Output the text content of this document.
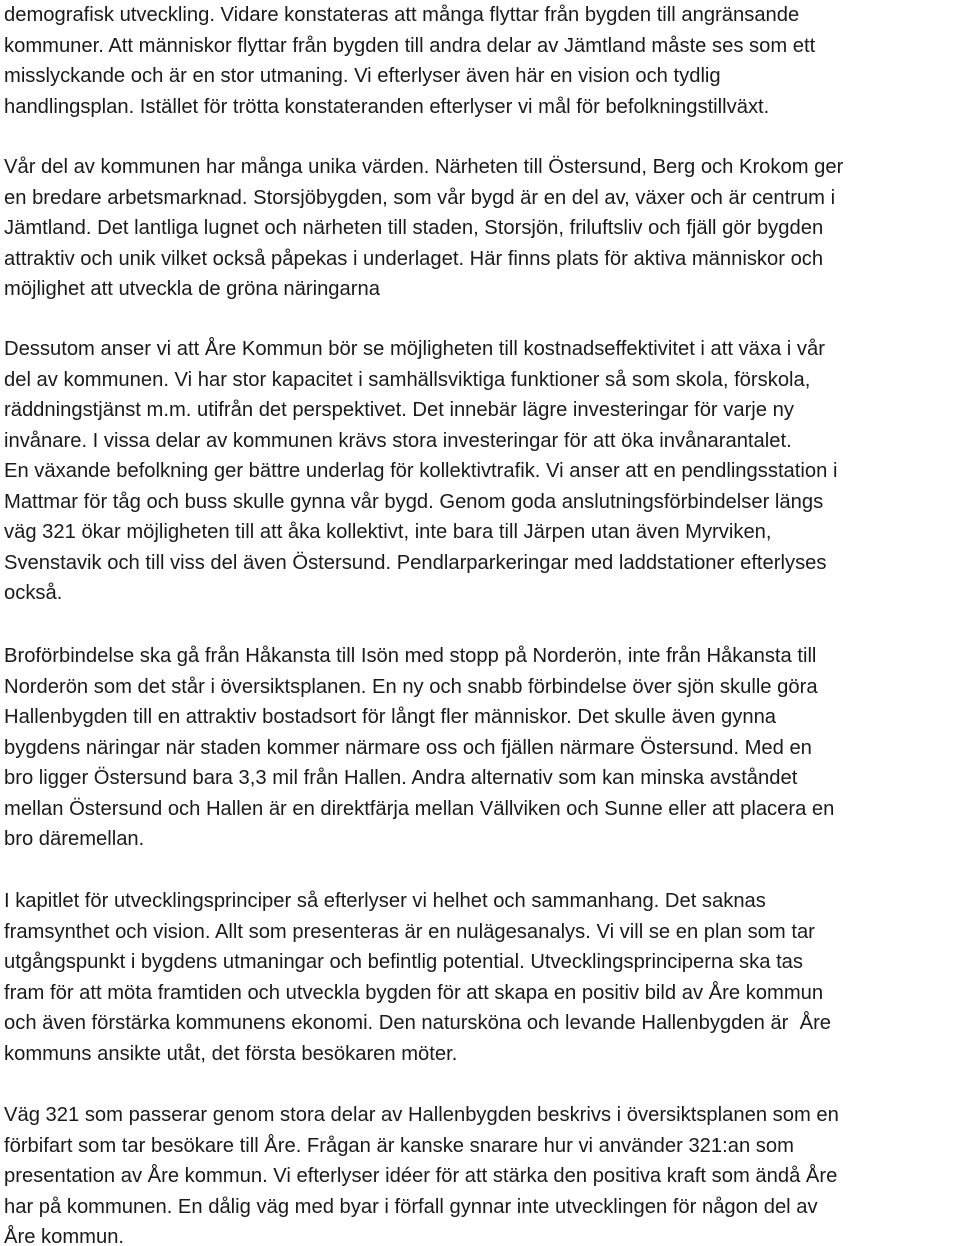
demografisk utveckling. Vidare konstateras att många flyttar från bygden till angränsande
kommuner. Att människor flyttar från bygden till andra delar av Jämtland måste ses som ett
misslyckande och är en stor utmaning. Vi efterlyser även här en vision och tydlig
handlingsplan. Istället för trötta konstateranden efterlyser vi mål för befolkningstillväxt.

Vår del av kommunen har många unika värden. Närheten till Östersund, Berg och Krokom ger
en bredare arbetsmarknad. Storsjöbygden, som vår bygd är en del av, växer och är centrum i
Jämtland. Det lantliga lugnet och närheten till staden, Storsjön, friluftsliv och fjäll gör bygden
attraktiv och unik vilket också påpekas i underlaget. Här finns plats för aktiva människor och
möjlighet att utveckla de gröna näringarna

Dessutom anser vi att Åre Kommun bör se möjligheten till kostnadseffektivitet i att växa i vår
del av kommunen. Vi har stor kapacitet i samhällsviktiga funktioner så som skola, förskola,
räddningstjänst m.m. utifrån det perspektivet. Det innebär lägre investeringar för varje ny
invånare. I vissa delar av kommunen krävs stora investeringar för att öka invånarantalet.
En växande befolkning ger bättre underlag för kollektivtrafik. Vi anser att en pendlingsstation i
Mattmar för tåg och buss skulle gynna vår bygd. Genom goda anslutningsförbindelser längs
väg 321 ökar möjligheten till att åka kollektivt, inte bara till Järpen utan även Myrviken,
Svenstavik och till viss del även Östersund. Pendlarparkeringar med laddstationer efterlyses
också.

Broförbindelse ska gå från Håkansta till Isön med stopp på Norderön, inte från Håkansta till
Norderön som det står i översiktsplanen. En ny och snabb förbindelse över sjön skulle göra
Hallenbygden till en attraktiv bostadsort för långt fler människor. Det skulle även gynna
bygdens näringar när staden kommer närmare oss och fjällen närmare Östersund. Med en
bro ligger Östersund bara 3,3 mil från Hallen. Andra alternativ som kan minska avståndet
mellan Östersund och Hallen är en direktfärja mellan Vällviken och Sunne eller att placera en
bro däremellan.

I kapitlet för utvecklingsprinciper så efterlyser vi helhet och sammanhang. Det saknas
framsynthet och vision. Allt som presenteras är en nulägesanalys. Vi vill se en plan som tar
utgångspunkt i bygdens utmaningar och befintlig potential. Utvecklingsprinciperna ska tas
fram för att möta framtiden och utveckla bygden för att skapa en positiv bild av Åre kommun
och även förstärka kommunens ekonomi. Den natursköna och levande Hallenbygden är  Åre
kommuns ansikte utåt, det första besökaren möter.

Väg 321 som passerar genom stora delar av Hallenbygden beskrivs i översiktsplanen som en
förbifart som tar besökare till Åre. Frågan är kanske snarare hur vi använder 321:an som
presentation av Åre kommun. Vi efterlyser idéer för att stärka den positiva kraft som ändå Åre
har på kommunen. En dålig väg med byar i förfall gynnar inte utvecklingen för någon del av
Åre kommun.
